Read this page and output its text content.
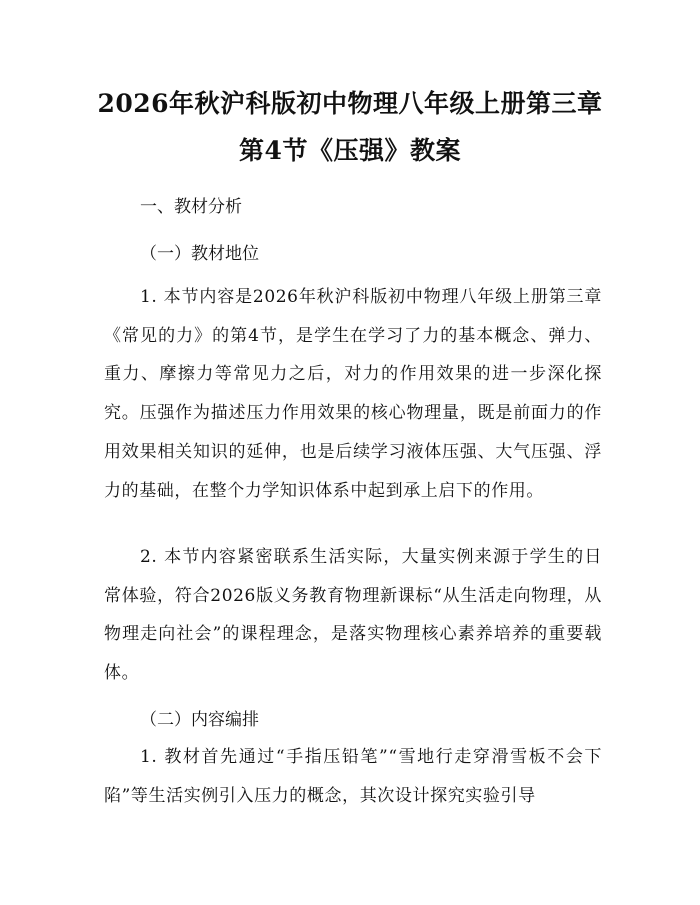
2026年秋沪科版初中物理八年级上册第三章
第4节《压强》教案
一、教材分析
（一）教材地位
1. 本节内容是2026年秋沪科版初中物理八年级上册第三章《常见的力》的第4节，是学生在学习了力的基本概念、弹力、重力、摩擦力等常见力之后，对力的作用效果的进一步深化探究。压强作为描述压力作用效果的核心物理量，既是前面力的作用效果相关知识的延伸，也是后续学习液体压强、大气压强、浮力的基础，在整个力学知识体系中起到承上启下的作用。
2. 本节内容紧密联系生活实际，大量实例来源于学生的日常体验，符合2026版义务教育物理新课标“从生活走向物理，从物理走向社会”的课程理念，是落实物理核心素养培养的重要载体。
（二）内容编排
1. 教材首先通过“手指压铅笔”“雪地行走穿滑雪板不会下陷”等生活实例引入压力的概念，其次设计探究实验引导
